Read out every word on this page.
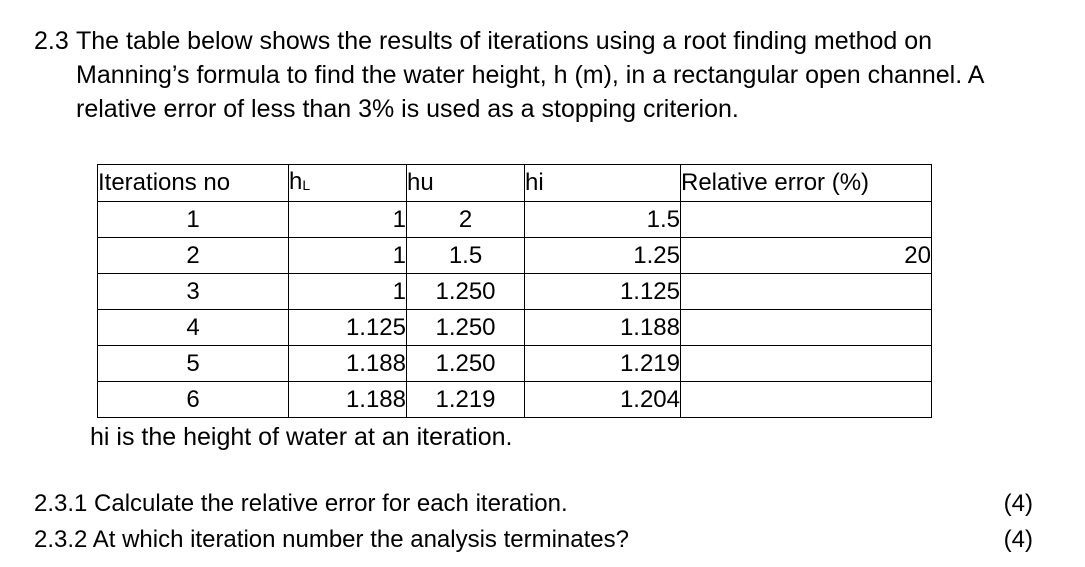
2.3 The table below shows the results of iterations using a root finding method on
Manning’s formula to find the water height, h (m), in a rectangular open channel. A
relative error of less than 3% is used as a stopping criterion.
Iterations no	$h_L$	hu	hi	Relative error (%)
1	1	2	1.5	
2	1	1.5	1.25	20
3	1	1.250	1.125	
4	1.125	1.250	1.188	
5	1.188	1.250	1.219	
6	1.188	1.219	1.204	
hi is the height of water at an iteration.
2.3.1 Calculate the relative error for each iteration.	(4)
2.3.2 At which iteration number the analysis terminates?	(4)
